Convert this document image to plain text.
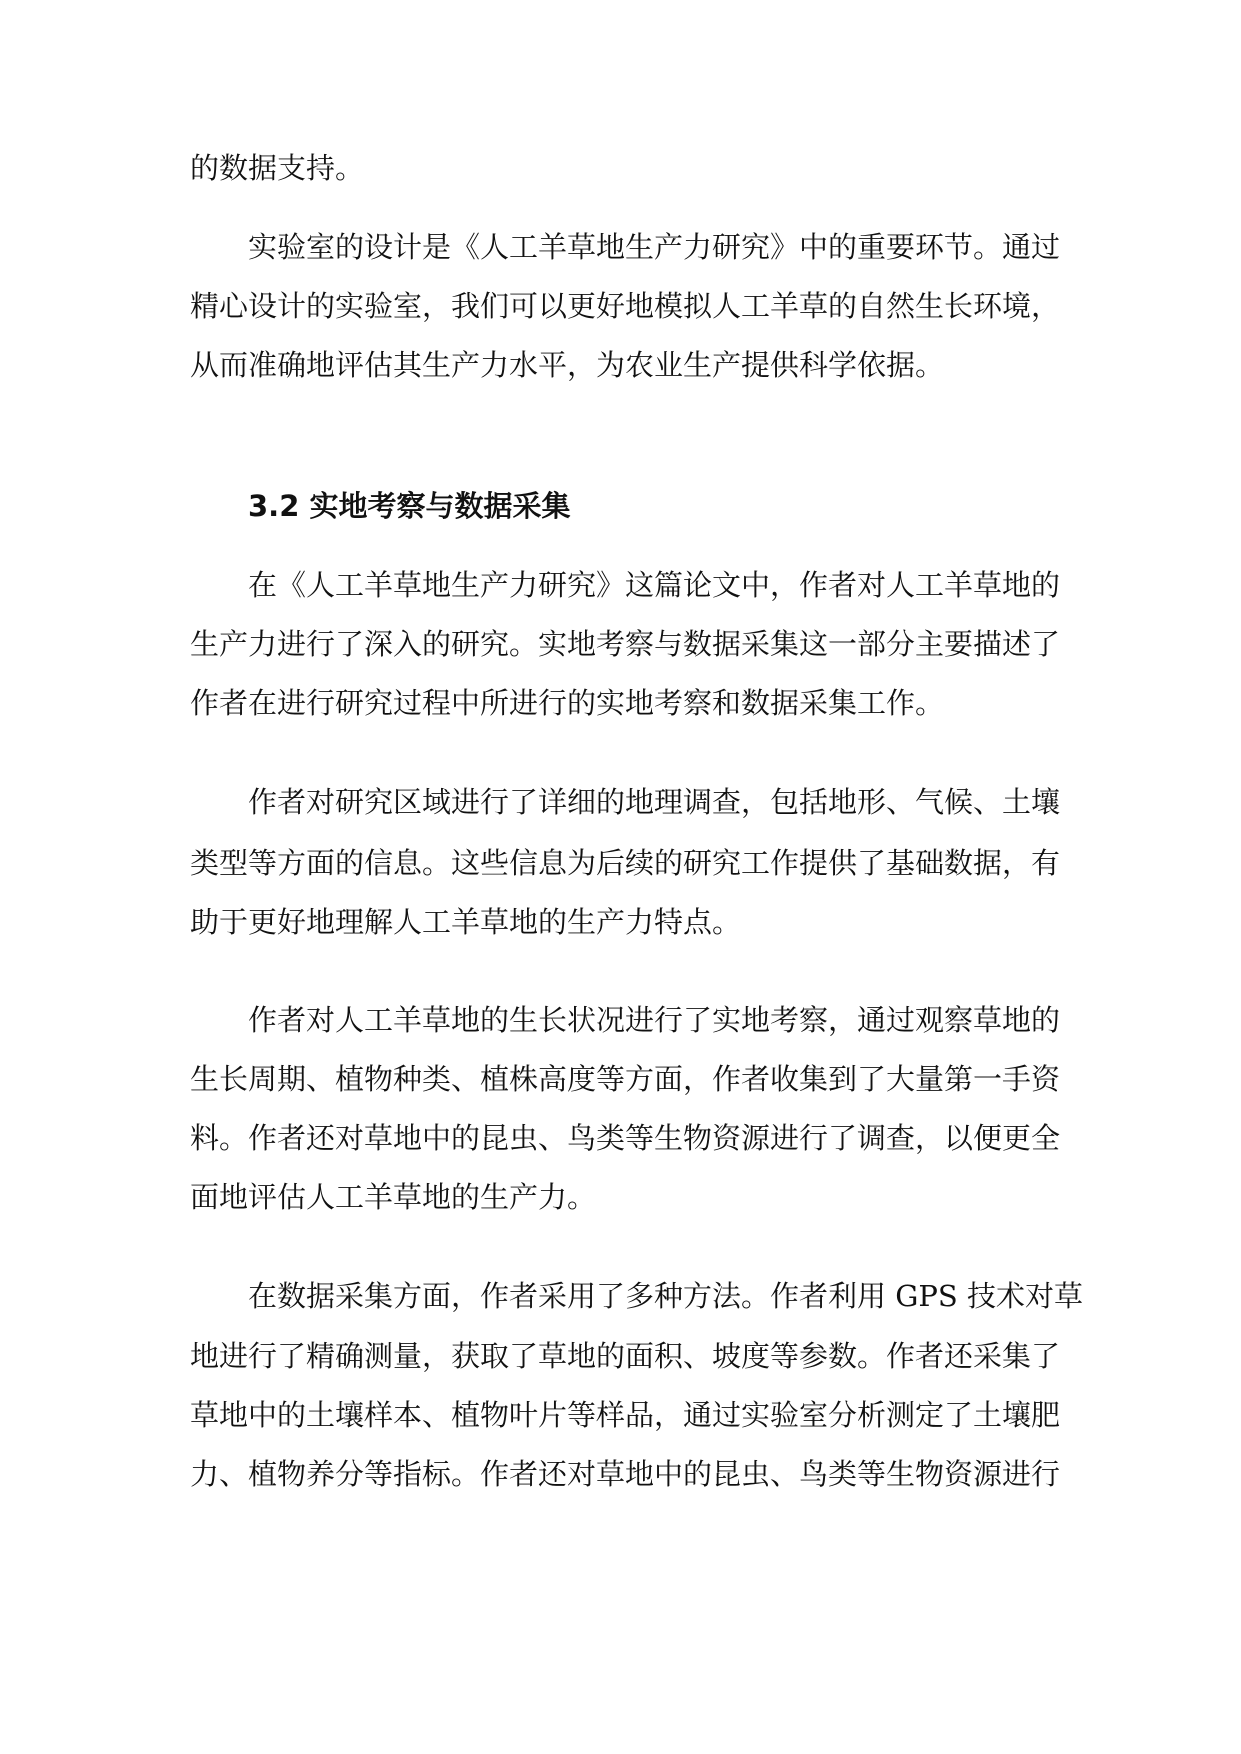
的数据支持。

实验室的设计是《人工羊草地生产力研究》中的重要环节。通过

精心设计的实验室，我们可以更好地模拟人工羊草的自然生长环境，

从而准确地评估其生产力水平，为农业生产提供科学依据。

3.2 实地考察与数据采集

在《人工羊草地生产力研究》这篇论文中，作者对人工羊草地的

生产力进行了深入的研究。实地考察与数据采集这一部分主要描述了

作者在进行研究过程中所进行的实地考察和数据采集工作。

作者对研究区域进行了详细的地理调查，包括地形、气候、土壤

类型等方面的信息。这些信息为后续的研究工作提供了基础数据，有

助于更好地理解人工羊草地的生产力特点。

作者对人工羊草地的生长状况进行了实地考察，通过观察草地的

生长周期、植物种类、植株高度等方面，作者收集到了大量第一手资

料。作者还对草地中的昆虫、鸟类等生物资源进行了调查，以便更全

面地评估人工羊草地的生产力。

在数据采集方面，作者采用了多种方法。作者利用 GPS 技术对草

地进行了精确测量，获取了草地的面积、坡度等参数。作者还采集了

草地中的土壤样本、植物叶片等样品，通过实验室分析测定了土壤肥

力、植物养分等指标。作者还对草地中的昆虫、鸟类等生物资源进行
